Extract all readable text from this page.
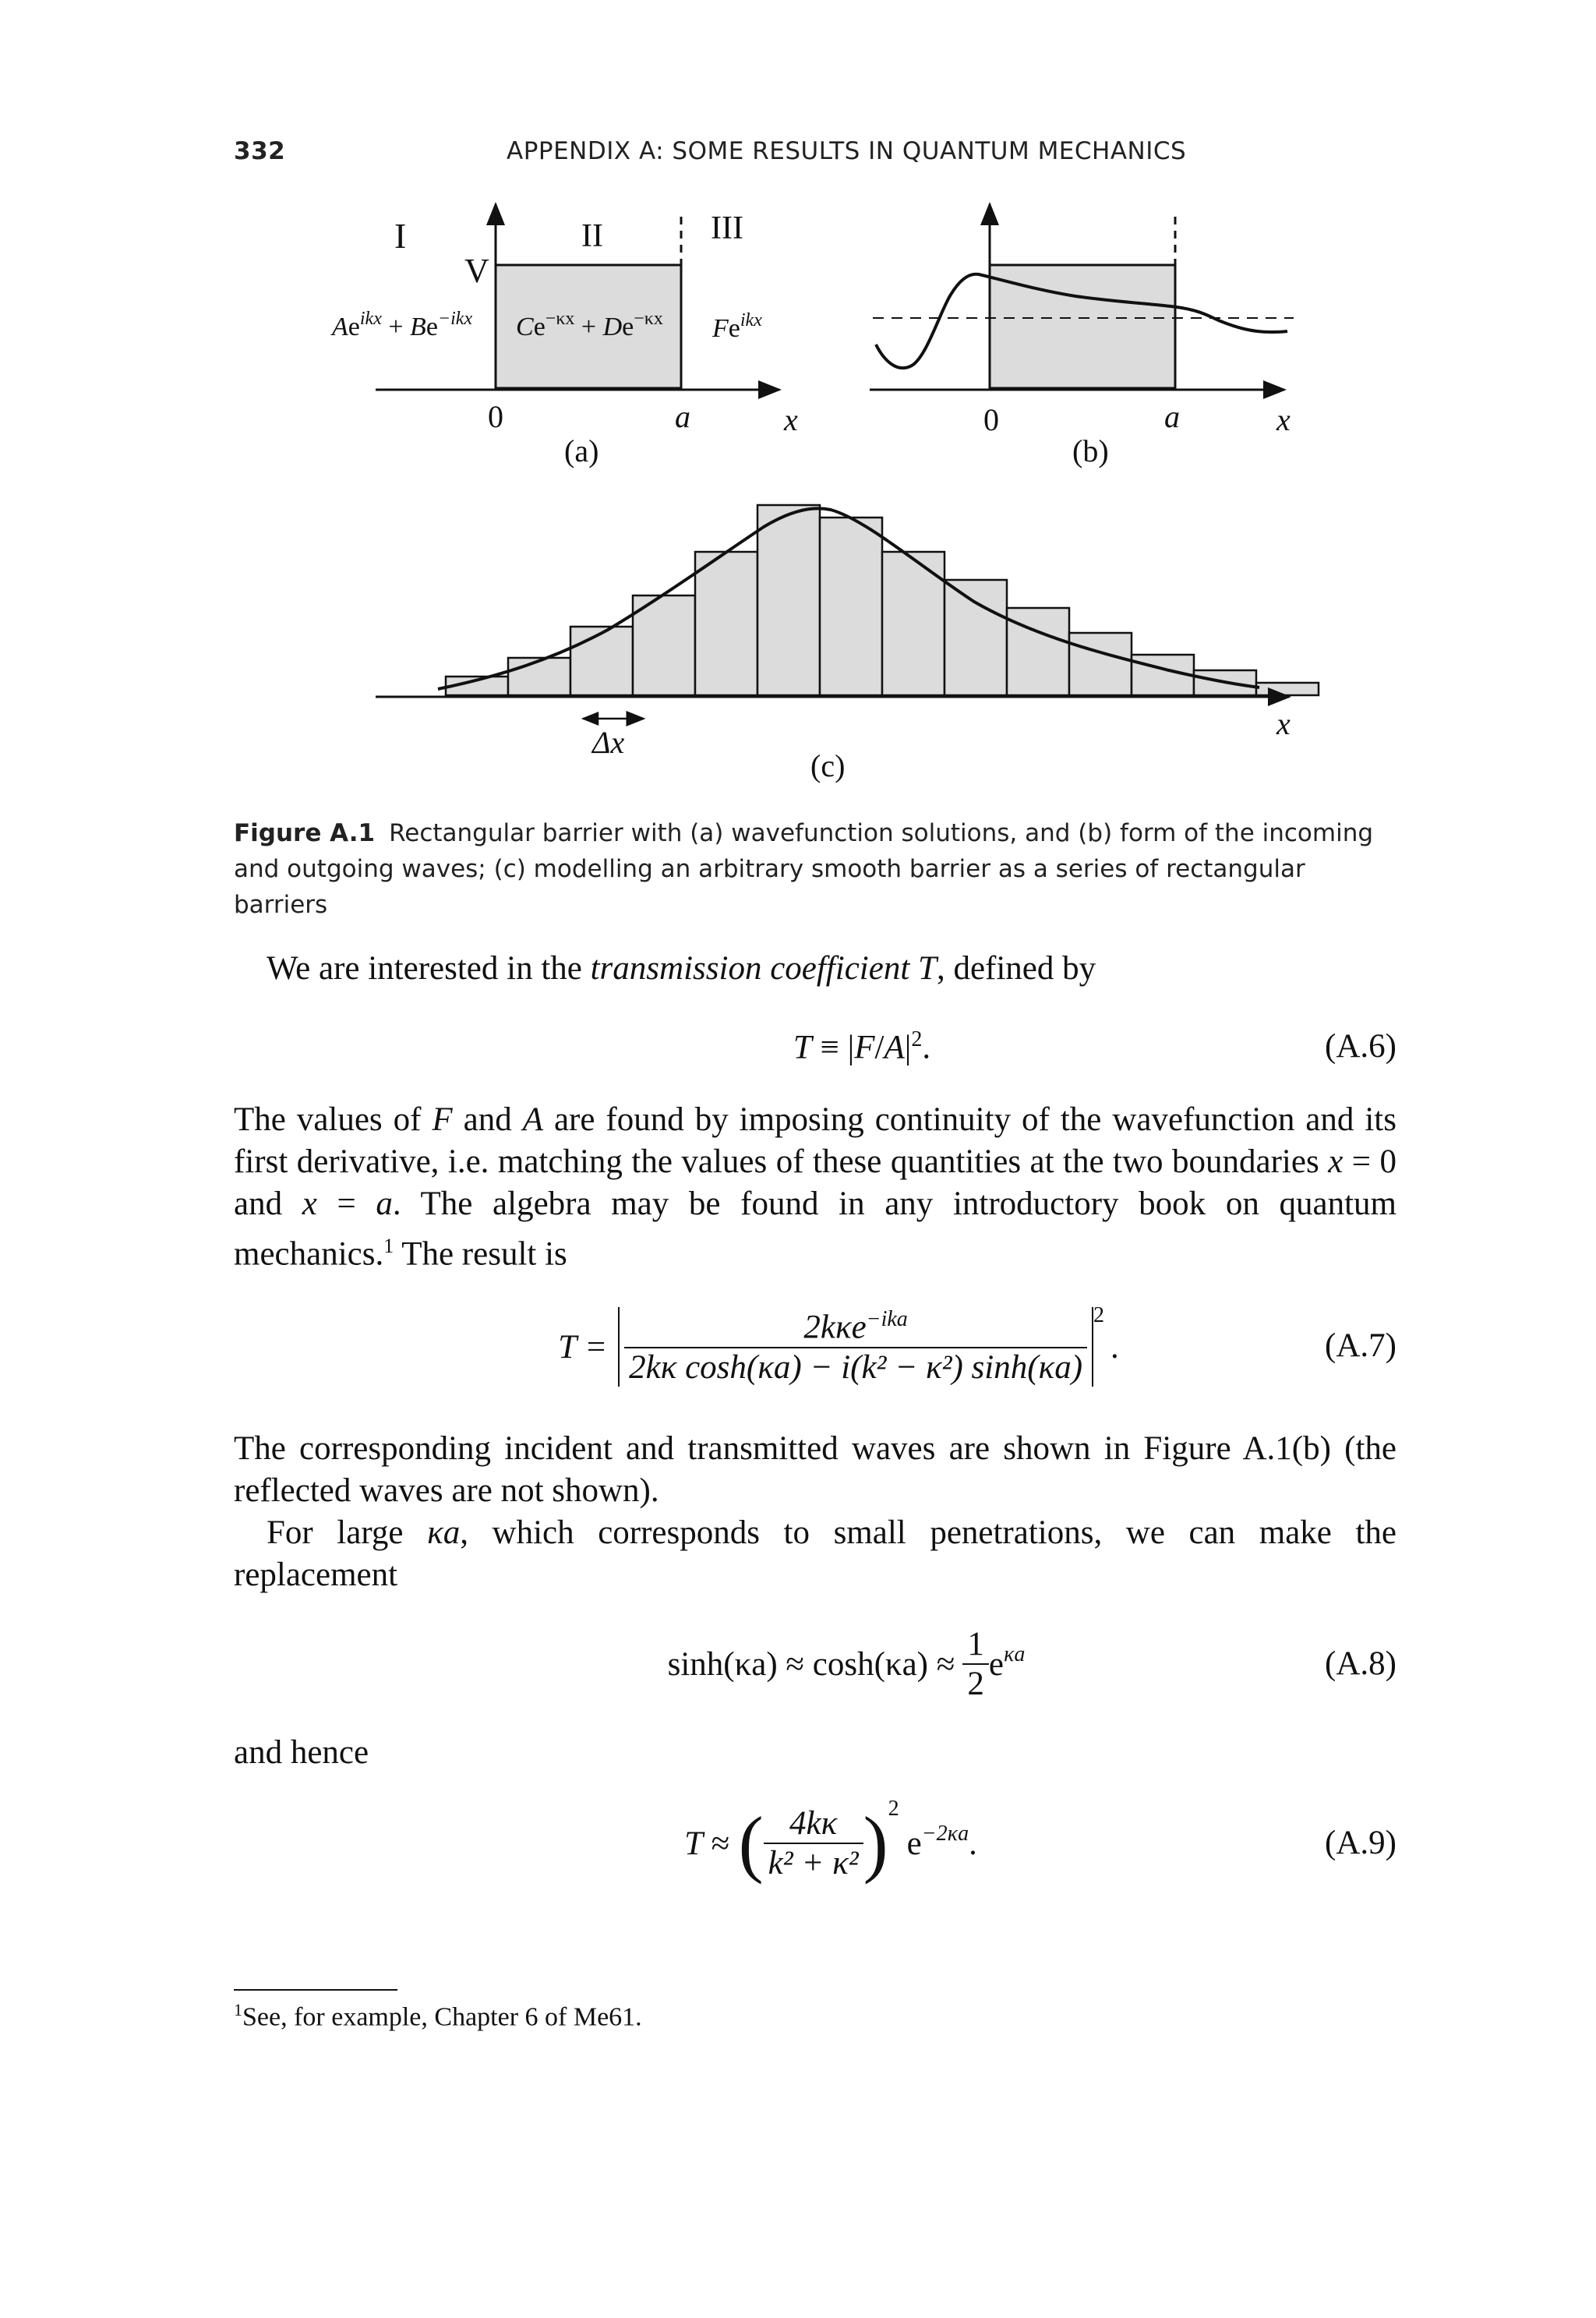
332	APPENDIX A: SOME RESULTS IN QUANTUM MECHANICS
I	II	III
V
$Ae^{ikx} + Be^{-ikx}$ $Ce^{-\kappa x} + De^{-\kappa x}$ $Fe^{ikx}$
0	a	x
(a)
0	a	x
(b)
Δx
x
(c)
Figure A.1 Rectangular barrier with (a) wavefunction solutions, and (b) form of the incoming and outgoing waves; (c) modelling an arbitrary smooth barrier as a series of rectangular barriers
We are interested in the transmission coefficient T, defined by
$T \equiv |F/A|^2$.	(A.6)
The values of F and A are found by imposing continuity of the wavefunction and its first derivative, i.e. matching the values of these quantities at the two boundaries x = 0 and x = a. The algebra may be found in any introductory book on quantum mechanics.$^1$ The result is
$T = \frac{2k\kappa e^{-ika}}{\text{2kκ cosh(κa) − i(k² − κ²) sinh(κa)}} 2$
.	(A.7)
The corresponding incident and transmitted waves are shown in Figure A.1(b) (the reflected waves are not shown).
For large κa, which corresponds to small penetrations, we can make the replacement
$\sinh(\kappa a) \approx \cosh(\kappa a) \approx \frac{1}{2}$ e $^{\kappa a}$	(A.8)
and hence
T ≈ ( $\frac{4k\kappa}{\text{k² + κ²}}$ ) 2
e $^{-2\kappa a}$ .	(A.9)
$^1$See, for example, Chapter 6 of Me61.
